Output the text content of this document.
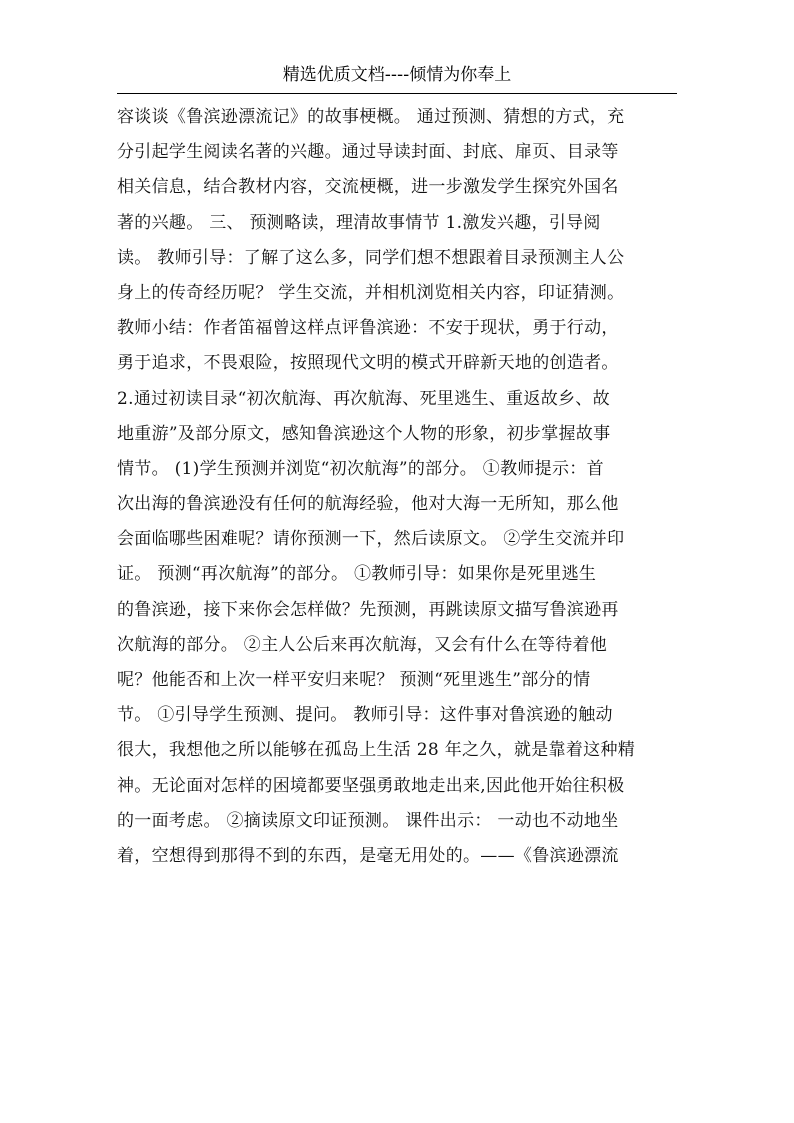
精选优质文档----倾情为你奉上
容谈谈《鲁滨逊漂流记》的故事梗概。 通过预测、猜想的方式，充
分引起学生阅读名著的兴趣。通过导读封面、封底、扉页、目录等
相关信息，结合教材内容，交流梗概，进一步激发学生探究外国名
著的兴趣。 三、 预测略读，理清故事情节 1.激发兴趣，引导阅
读。 教师引导：了解了这么多，同学们想不想跟着目录预测主人公
身上的传奇经历呢？ 学生交流，并相机浏览相关内容，印证猜测。
教师小结：作者笛福曾这样点评鲁滨逊：不安于现状，勇于行动，
勇于追求，不畏艰险，按照现代文明的模式开辟新天地的创造者。
2.通过初读目录“初次航海、再次航海、死里逃生、重返故乡、故
地重游”及部分原文，感知鲁滨逊这个人物的形象，初步掌握故事
情节。 (1)学生预测并浏览“初次航海”的部分。 ①教师提示：首
次出海的鲁滨逊没有任何的航海经验，他对大海一无所知，那么他
会面临哪些困难呢？请你预测一下，然后读原文。 ②学生交流并印
证。 预测“再次航海”的部分。 ①教师引导：如果你是死里逃生
的鲁滨逊，接下来你会怎样做？先预测，再跳读原文描写鲁滨逊再
次航海的部分。 ②主人公后来再次航海，又会有什么在等待着他
呢？他能否和上次一样平安归来呢？ 预测“死里逃生”部分的情
节。 ①引导学生预测、提问。 教师引导：这件事对鲁滨逊的触动
很大，我想他之所以能够在孤岛上生活 28 年之久，就是靠着这种精
神。无论面对怎样的困境都要坚强勇敢地走出来,因此他开始往积极
的一面考虑。 ②摘读原文印证预测。 课件出示： 一动也不动地坐
着，空想得到那得不到的东西，是毫无用处的。——《鲁滨逊漂流
